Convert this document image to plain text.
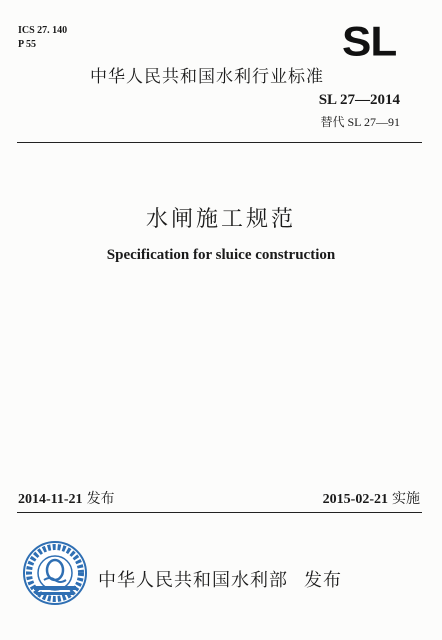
ICS 27. 140
P 55	SL
中华人民共和国水利行业标准
SL 27—2014
替代 SL 27—91
水闸施工规范
Specification for sluice construction
2014-11-21 发布	2015-02-21 实施
中华人民共和国水利部 发布
